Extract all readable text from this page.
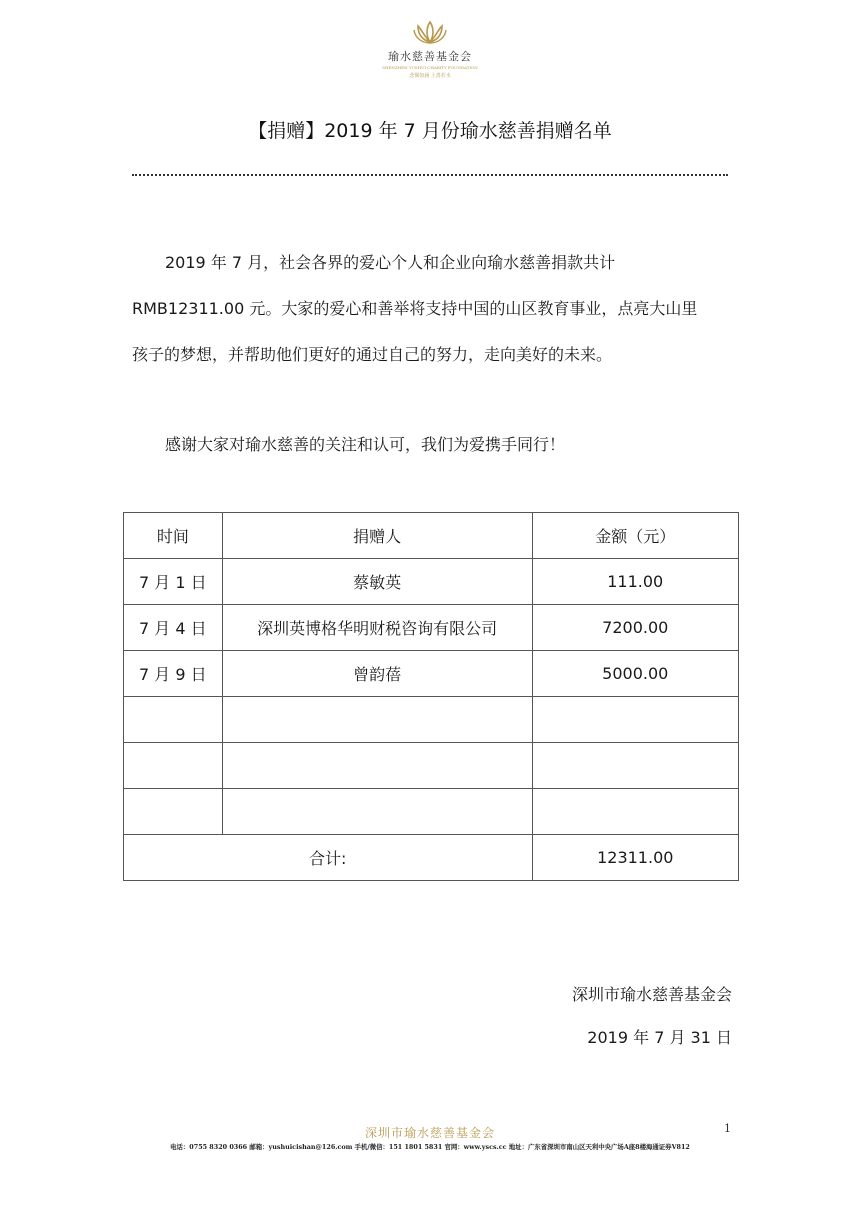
瑜水慈善基金会
SHENZHEN YUSHUI CHARITY FOUNDATION
悲悯如涵 上善若水
【捐赠】2019 年 7 月份瑜水慈善捐赠名单
2019 年 7 月，社会各界的爱心个人和企业向瑜水慈善捐款共计
RMB12311.00 元。大家的爱心和善举将支持中国的山区教育事业，点亮大山里
孩子的梦想，并帮助他们更好的通过自己的努力，走向美好的未来。
感谢大家对瑜水慈善的关注和认可，我们为爱携手同行！
时间	捐赠人	金额（元）
7 月 1 日	蔡敏英	111.00
7 月 4 日	深圳英博格华明财税咨询有限公司	7200.00
7 月 9 日	曾韵蓓	5000.00

合计:		12311.00
深圳市瑜水慈善基金会
2019 年 7 月 31 日
深圳市瑜水慈善基金会	1
电话：0755 8320 0366 邮箱：yushuicishan@126.com 手机/微信：151 1801 5831 官网：www.yscs.cc 地址：广东省深圳市南山区天利中央广场A座8楼海通证券V812
